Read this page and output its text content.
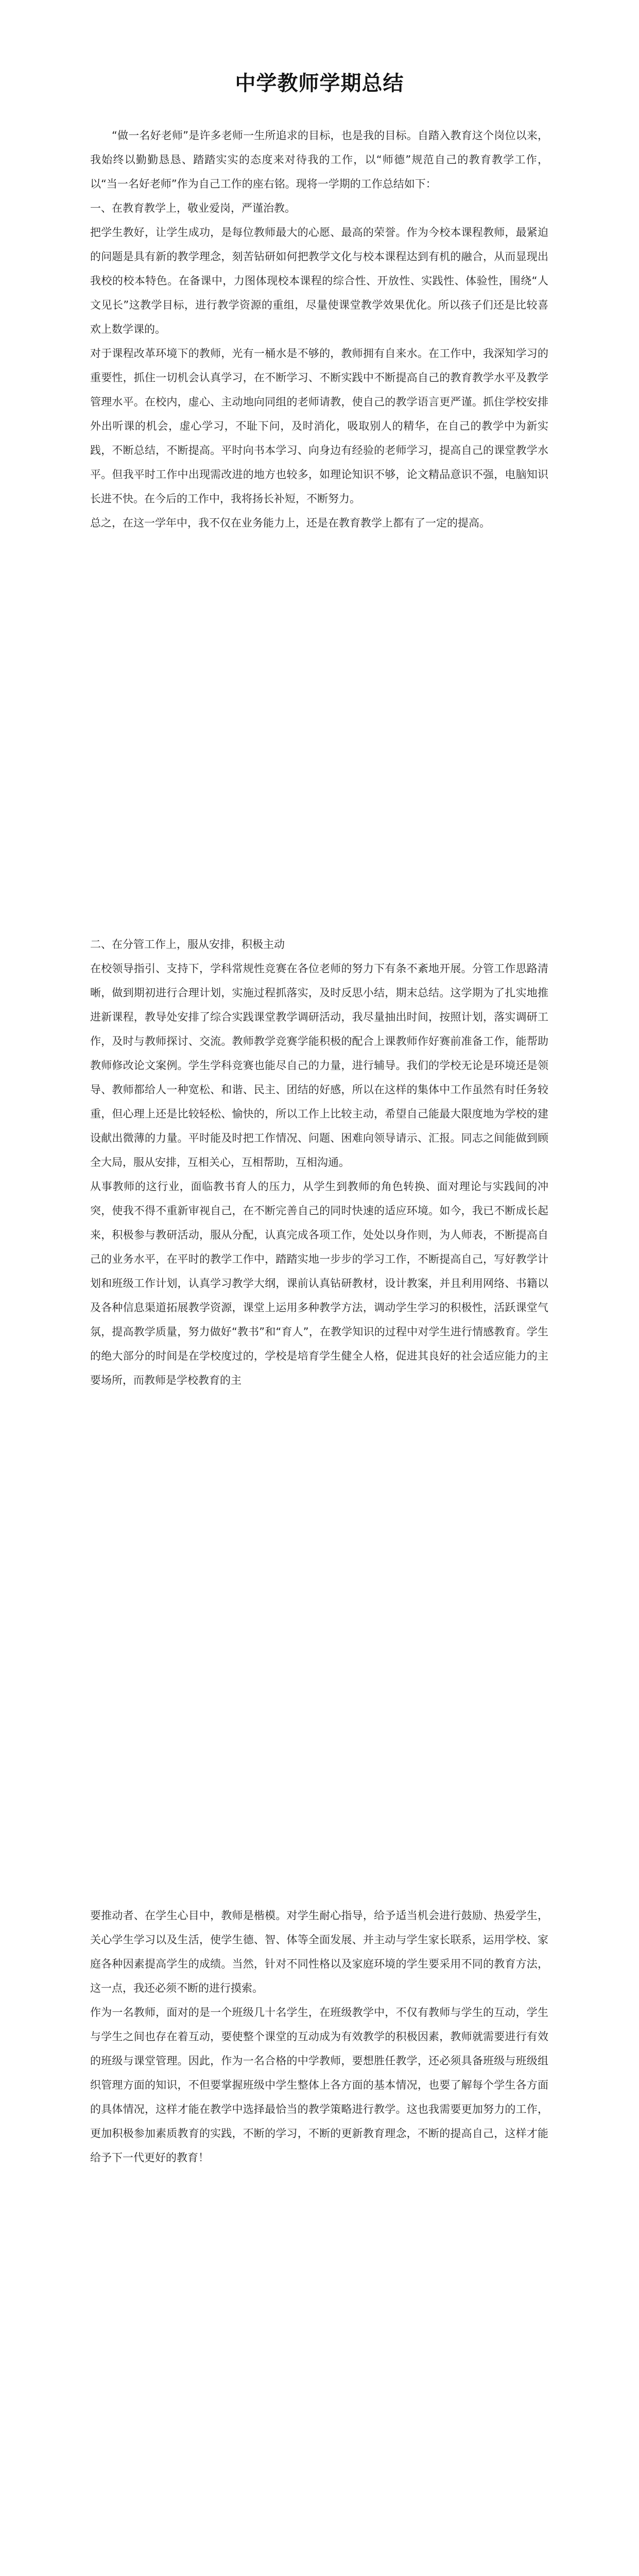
中学教师学期总结

“做一名好老师”是许多老师一生所追求的目标，也是我的目标。自踏入教育这个岗位以来，我始终以勤勤恳恳、踏踏实实的态度来对待我的工作，以“师德”规范自己的教育教学工作，以“当一名好老师”作为自己工作的座右铭。现将一学期的工作总结如下：

一、在教育教学上，敬业爱岗，严谨治教。

把学生教好，让学生成功，是每位教师最大的心愿、最高的荣誉。作为今校本课程教师，最紧迫的问题是具有新的教学理念，刻苦钻研如何把教学文化与校本课程达到有机的融合，从而显现出我校的校本特色。在备课中，力图体现校本课程的综合性、开放性、实践性、体验性，围绕“人文见长”这教学目标，进行教学资源的重组，尽量使课堂教学效果优化。所以孩子们还是比较喜欢上数学课的。

对于课程改革环境下的教师，光有一桶水是不够的，教师拥有自来水。在工作中，我深知学习的重要性，抓住一切机会认真学习，在不断学习、不断实践中不断提高自己的教育教学水平及教学管理水平。在校内，虚心、主动地向同组的老师请教，使自己的教学语言更严谨。抓住学校安排外出听课的机会，虚心学习，不耻下问，及时消化，吸取别人的精华，在自己的教学中为新实践，不断总结，不断提高。平时向书本学习、向身边有经验的老师学习，提高自己的课堂教学水平。但我平时工作中出现需改进的地方也较多，如理论知识不够，论文精品意识不强，电脑知识长进不快。在今后的工作中，我将扬长补短，不断努力。

总之，在这一学年中，我不仅在业务能力上，还是在教育教学上都有了一定的提高。

二、在分管工作上，服从安排，积极主动

在校领导指引、支持下，学科常规性竞赛在各位老师的努力下有条不紊地开展。分管工作思路清晰，做到期初进行合理计划，实施过程抓落实，及时反思小结，期末总结。这学期为了扎实地推进新课程，教导处安排了综合实践课堂教学调研活动，我尽量抽出时间，按照计划，落实调研工作，及时与教师探讨、交流。教师教学竞赛学能积极的配合上课教师作好赛前准备工作，能帮助教师修改论文案例。学生学科竞赛也能尽自己的力量，进行辅导。我们的学校无论是环境还是领导、教师都给人一种宽松、和谐、民主、团结的好感，所以在这样的集体中工作虽然有时任务较重，但心理上还是比较轻松、愉快的，所以工作上比较主动，希望自己能最大限度地为学校的建设献出微薄的力量。平时能及时把工作情况、问题、困难向领导请示、汇报。同志之间能做到顾全大局，服从安排，互相关心，互相帮助，互相沟通。

从事教师的这行业，面临教书育人的压力，从学生到教师的角色转换、面对理论与实践间的冲突，使我不得不重新审视自己，在不断完善自己的同时快速的适应环境。如今，我已不断成长起来，积极参与教研活动，服从分配，认真完成各项工作，处处以身作则，为人师表，不断提高自己的业务水平，在平时的教学工作中，踏踏实地一步步的学习工作，不断提高自己，写好教学计划和班级工作计划，认真学习教学大纲，课前认真钻研教材，设计教案，并且利用网络、书籍以及各种信息渠道拓展教学资源，课堂上运用多种教学方法，调动学生学习的积极性，活跃课堂气氛，提高教学质量，努力做好“教书”和“育人”，在教学知识的过程中对学生进行情感教育。学生的绝大部分的时间是在学校度过的，学校是培育学生健全人格，促进其良好的社会适应能力的主要场所，而教师是学校教育的主

要推动者、在学生心目中，教师是楷模。对学生耐心指导，给予适当机会进行鼓励、热爱学生，关心学生学习以及生活，使学生德、智、体等全面发展、并主动与学生家长联系，运用学校、家庭各种因素提高学生的成绩。当然，针对不同性格以及家庭环境的学生要采用不同的教育方法，这一点，我还必须不断的进行摸索。

作为一名教师，面对的是一个班级几十名学生，在班级教学中，不仅有教师与学生的互动，学生与学生之间也存在着互动，要使整个课堂的互动成为有效教学的积极因素，教师就需要进行有效的班级与课堂管理。因此，作为一名合格的中学教师，要想胜任教学，还必须具备班级与班级组织管理方面的知识，不但要掌握班级中学生整体上各方面的基本情况，也要了解每个学生各方面的具体情况，这样才能在教学中选择最恰当的教学策略进行教学。这也我需要更加努力的工作，更加积极参加素质教育的实践，不断的学习，不断的更新教育理念，不断的提高自己，这样才能给予下一代更好的教育！
